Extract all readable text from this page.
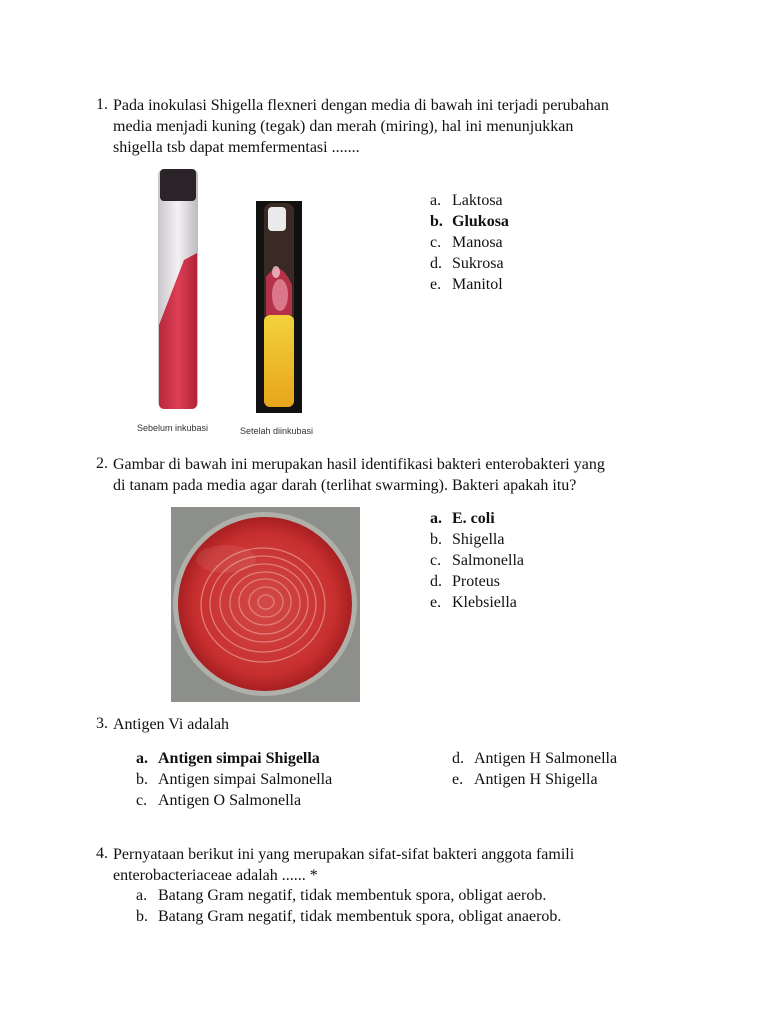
1. Pada inokulasi Shigella flexneri dengan media di bawah ini terjadi perubahan
media menjadi kuning (tegak) dan merah (miring), hal ini menunjukkan
shigella tsb dapat memfermentasi .......
Sebelum inkubasi	Setelah diinkubasi
a. Laktosa
b. Glukosa
c. Manosa
d. Sukrosa
e. Manitol
2. Gambar di bawah ini merupakan hasil identifikasi bakteri enterobakteri yang
di tanam pada media agar darah (terlihat swarming). Bakteri apakah itu?
a. E. coli
b. Shigella
c. Salmonella
d. Proteus
e. Klebsiella
3. Antigen Vi adalah
a. Antigen simpai Shigella
b. Antigen simpai Salmonella
c. Antigen O Salmonella
d. Antigen H Salmonella
e. Antigen H Shigella
4. Pernyataan berikut ini yang merupakan sifat-sifat bakteri anggota famili
enterobacteriaceae adalah ...... *
a. Batang Gram negatif, tidak membentuk spora, obligat aerob.
b. Batang Gram negatif, tidak membentuk spora, obligat anaerob.
